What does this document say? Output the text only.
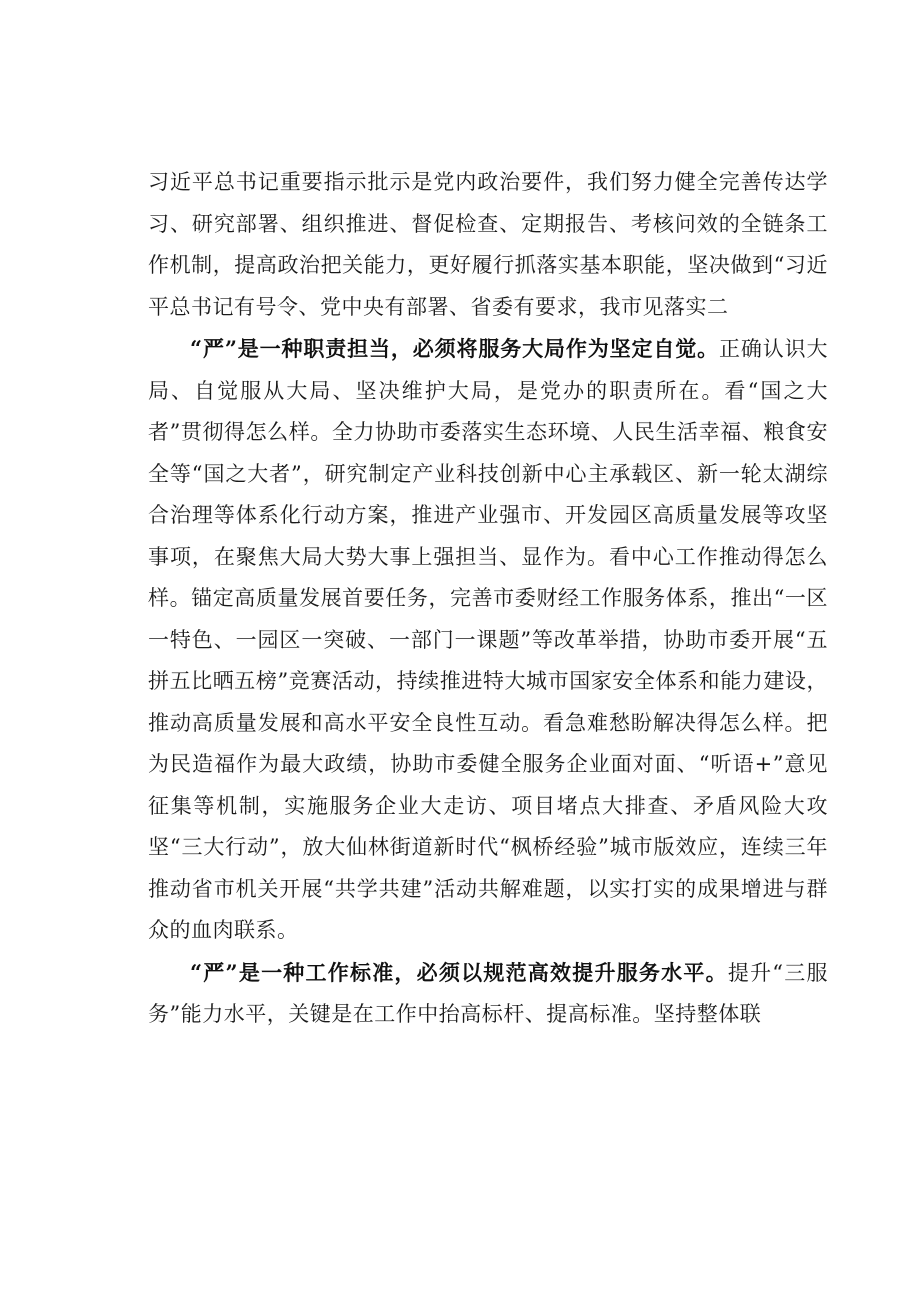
习近平总书记重要指示批示是党内政治要件，我们努力健全完善传达学习、研究部署、组织推进、督促检查、定期报告、考核问效的全链条工作机制，提高政治把关能力，更好履行抓落实基本职能，坚决做到“习近平总书记有号令、党中央有部署、省委有要求，我市见落实二

“严”是一种职责担当，必须将服务大局作为坚定自觉。正确认识大局、自觉服从大局、坚决维护大局，是党办的职责所在。看“国之大者”贯彻得怎么样。全力协助市委落实生态环境、人民生活幸福、粮食安全等“国之大者”，研究制定产业科技创新中心主承载区、新一轮太湖综合治理等体系化行动方案，推进产业强市、开发园区高质量发展等攻坚事项，在聚焦大局大势大事上强担当、显作为。看中心工作推动得怎么样。锚定高质量发展首要任务，完善市委财经工作服务体系，推出“一区一特色、一园区一突破、一部门一课题”等改革举措，协助市委开展“五拼五比晒五榜”竞赛活动，持续推进特大城市国家安全体系和能力建设，推动高质量发展和高水平安全良性互动。看急难愁盼解决得怎么样。把为民造福作为最大政绩，协助市委健全服务企业面对面、“听语+”意见征集等机制，实施服务企业大走访、项目堵点大排查、矛盾风险大攻坚“三大行动”，放大仙林街道新时代“枫桥经验”城市版效应，连续三年推动省市机关开展“共学共建”活动共解难题，以实打实的成果增进与群众的血肉联系。

“严”是一种工作标准，必须以规范高效提升服务水平。提升“三服务”能力水平，关键是在工作中抬高标杆、提高标准。坚持整体联
